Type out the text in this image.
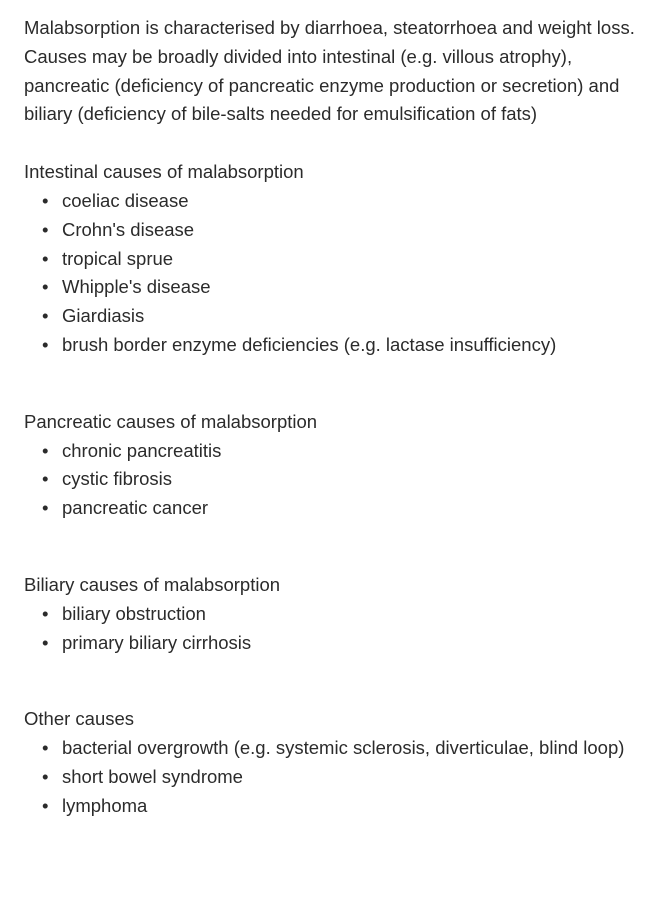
Malabsorption is characterised by diarrhoea, steatorrhoea and weight loss. Causes may be broadly divided into intestinal (e.g. villous atrophy), pancreatic (deficiency of pancreatic enzyme production or secretion) and biliary (deficiency of bile-salts needed for emulsification of fats)

Intestinal causes of malabsorption
• coeliac disease
• Crohn's disease
• tropical sprue
• Whipple's disease
• Giardiasis
• brush border enzyme deficiencies (e.g. lactase insufficiency)
Pancreatic causes of malabsorption
• chronic pancreatitis
• cystic fibrosis
• pancreatic cancer
Biliary causes of malabsorption
• biliary obstruction
• primary biliary cirrhosis
Other causes
• bacterial overgrowth (e.g. systemic sclerosis, diverticulae, blind loop)
• short bowel syndrome
• lymphoma
